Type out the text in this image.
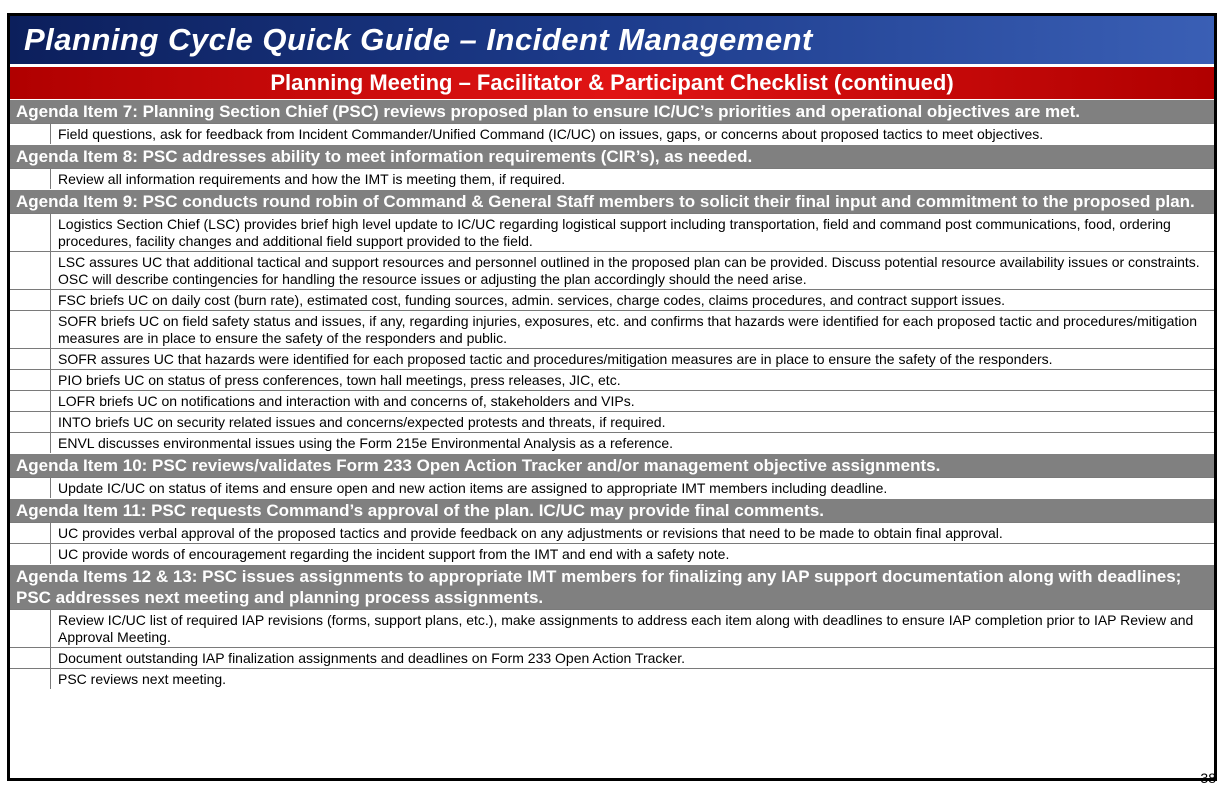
Planning Cycle Quick Guide – Incident Management
Planning Meeting – Facilitator & Participant Checklist (continued)
Agenda Item 7: Planning Section Chief (PSC) reviews proposed plan to ensure IC/UC’s priorities and operational objectives are met.
Field questions, ask for feedback from Incident Commander/Unified Command (IC/UC) on issues, gaps, or concerns about proposed tactics to meet objectives.
Agenda Item 8: PSC addresses ability to meet information requirements (CIR’s), as needed.
Review all information requirements and how the IMT is meeting them, if required.
Agenda Item 9: PSC conducts round robin of Command & General Staff members to solicit their final input and commitment to the proposed plan.
Logistics Section Chief (LSC) provides brief high level update to IC/UC regarding logistical support including transportation, field and command post communications, food, ordering procedures, facility changes and additional field support provided to the field.
LSC assures UC that additional tactical and support resources and personnel outlined in the proposed plan can be provided. Discuss potential resource availability issues or constraints. OSC will describe contingencies for handling the resource issues or adjusting the plan accordingly should the need arise.
FSC briefs UC on daily cost (burn rate), estimated cost, funding sources, admin. services, charge codes, claims procedures, and contract support issues.
SOFR briefs UC on field safety status and issues, if any, regarding injuries, exposures, etc. and confirms that hazards were identified for each proposed tactic and procedures/mitigation measures are in place to ensure the safety of the responders and public.
SOFR assures UC that hazards were identified for each proposed tactic and procedures/mitigation measures are in place to ensure the safety of the responders.
PIO briefs UC on status of press conferences, town hall meetings, press releases, JIC, etc.
LOFR briefs UC on notifications and interaction with and concerns of, stakeholders and VIPs.
INTO briefs UC on security related issues and concerns/expected protests and threats, if required.
ENVL discusses environmental issues using the Form 215e Environmental Analysis as a reference.
Agenda Item 10: PSC reviews/validates Form 233 Open Action Tracker and/or management objective assignments.
Update IC/UC on status of items and ensure open and new action items are assigned to appropriate IMT members including deadline.
Agenda Item 11: PSC requests Command’s approval of the plan. IC/UC may provide final comments.
UC provides verbal approval of the proposed tactics and provide feedback on any adjustments or revisions that need to be made to obtain final approval.
UC provide words of encouragement regarding the incident support from the IMT and end with a safety note.
Agenda Items 12 & 13: PSC issues assignments to appropriate IMT members for finalizing any IAP support documentation along with deadlines; PSC addresses next meeting and planning process assignments.
Review IC/UC list of required IAP revisions (forms, support plans, etc.), make assignments to address each item along with deadlines to ensure IAP completion prior to IAP Review and Approval Meeting.
Document outstanding IAP finalization assignments and deadlines on Form 233 Open Action Tracker.
PSC reviews next meeting.
38
